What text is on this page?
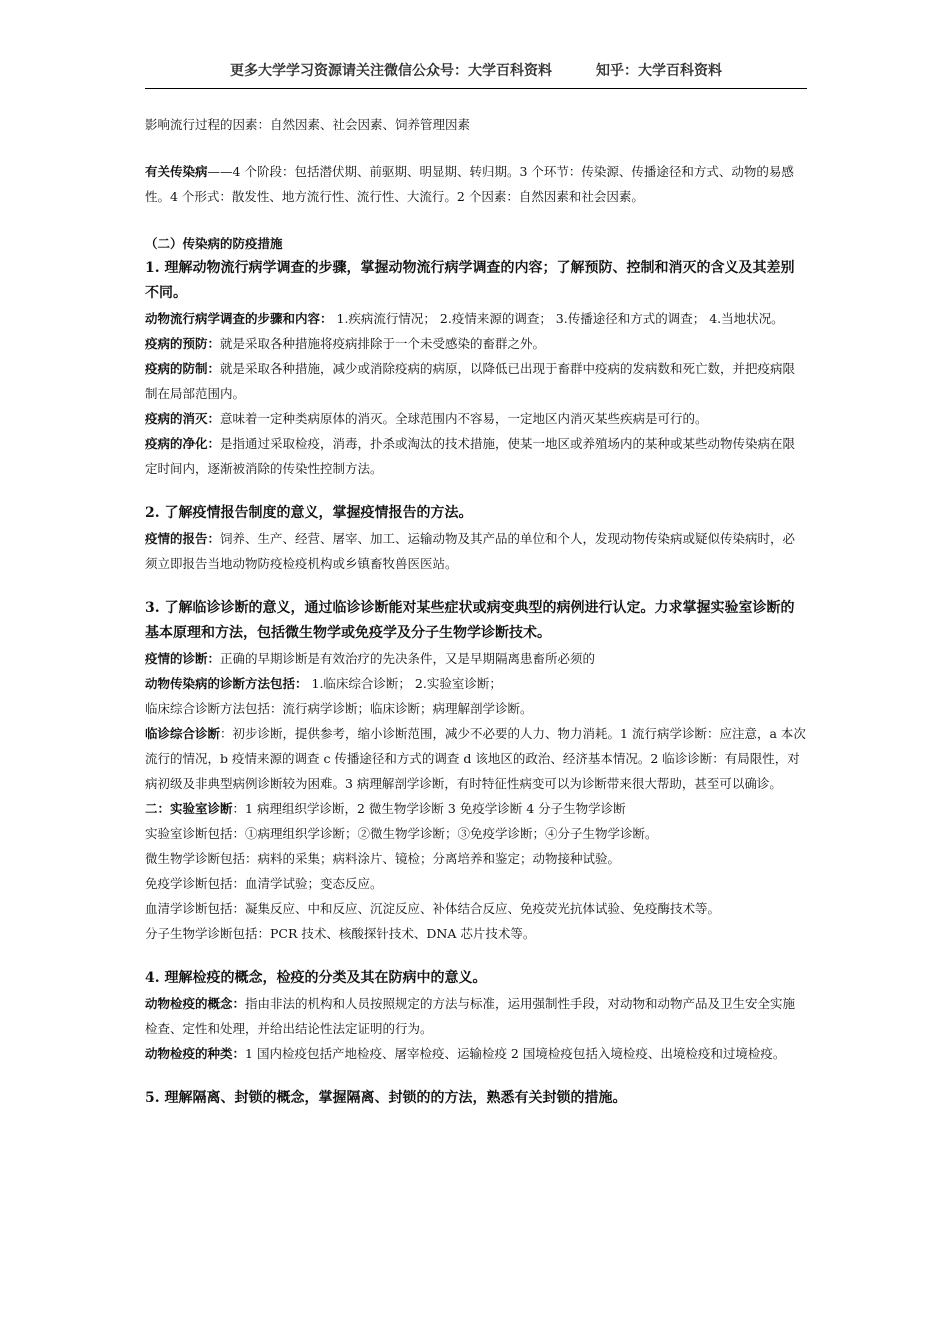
更多大学学习资源请关注微信公众号：大学百科资料	知乎：大学百科资料

影响流行过程的因素：自然因素、社会因素、饲养管理因素

有关传染病——4 个阶段：包括潜伏期、前驱期、明显期、转归期。3 个环节：传染源、传播途径和方式、动物的易感性。4 个形式：散发性、地方流行性、流行性、大流行。2 个因素：自然因素和社会因素。

（二）传染病的防疫措施

1. 理解动物流行病学调查的步骤，掌握动物流行病学调查的内容；了解预防、控制和消灭的含义及其差别不同。

动物流行病学调查的步骤和内容： 1.疾病流行情况； 2.疫情来源的调查； 3.传播途径和方式的调查； 4.当地状况。

疫病的预防：就是采取各种措施将疫病排除于一个未受感染的畜群之外。

疫病的防制：就是采取各种措施，减少或消除疫病的病原，以降低已出现于畜群中疫病的发病数和死亡数，并把疫病限制在局部范围内。

疫病的消灭：意味着一定种类病原体的消灭。全球范围内不容易，一定地区内消灭某些疾病是可行的。

疫病的净化：是指通过采取检疫，消毒，扑杀或淘汰的技术措施，使某一地区或养殖场内的某种或某些动物传染病在限定时间内，逐渐被消除的传染性控制方法。

2. 了解疫情报告制度的意义，掌握疫情报告的方法。

疫情的报告：饲养、生产、经营、屠宰、加工、运输动物及其产品的单位和个人，发现动物传染病或疑似传染病时，必须立即报告当地动物防疫检疫机构或乡镇畜牧兽医医站。

3. 了解临诊诊断的意义，通过临诊诊断能对某些症状或病变典型的病例进行认定。力求掌握实验室诊断的基本原理和方法，包括微生物学或免疫学及分子生物学诊断技术。

疫情的诊断：正确的早期诊断是有效治疗的先决条件，又是早期隔离患畜所必须的

动物传染病的诊断方法包括： 1.临床综合诊断； 2.实验室诊断；

临床综合诊断方法包括：流行病学诊断；临床诊断；病理解剖学诊断。

临诊综合诊断：初步诊断，提供参考，缩小诊断范围，减少不必要的人力、物力消耗。1 流行病学诊断：应注意，a 本次流行的情况，b 疫情来源的调查 c 传播途径和方式的调查 d 该地区的政治、经济基本情况。2 临诊诊断：有局限性，对病初级及非典型病例诊断较为困难。3 病理解剖学诊断，有时特征性病变可以为诊断带来很大帮助，甚至可以确诊。

二：实验室诊断：1 病理组织学诊断，2 微生物学诊断 3 免疫学诊断 4 分子生物学诊断

实验室诊断包括：①病理组织学诊断；②微生物学诊断；③免疫学诊断；④分子生物学诊断。

微生物学诊断包括：病料的采集；病料涂片、镜检；分离培养和鉴定；动物接种试验。

免疫学诊断包括：血清学试验；变态反应。

血清学诊断包括：凝集反应、中和反应、沉淀反应、补体结合反应、免疫荧光抗体试验、免疫酶技术等。

分子生物学诊断包括：PCR 技术、核酸探针技术、DNA 芯片技术等。

4. 理解检疫的概念，检疫的分类及其在防病中的意义。

动物检疫的概念：指由非法的机构和人员按照规定的方法与标准，运用强制性手段，对动物和动物产品及卫生安全实施检查、定性和处理，并给出结论性法定证明的行为。

动物检疫的种类：1 国内检疫包括产地检疫、屠宰检疫、运输检疫 2 国境检疫包括入境检疫、出境检疫和过境检疫。

5. 理解隔离、封锁的概念，掌握隔离、封锁的的方法，熟悉有关封锁的措施。
